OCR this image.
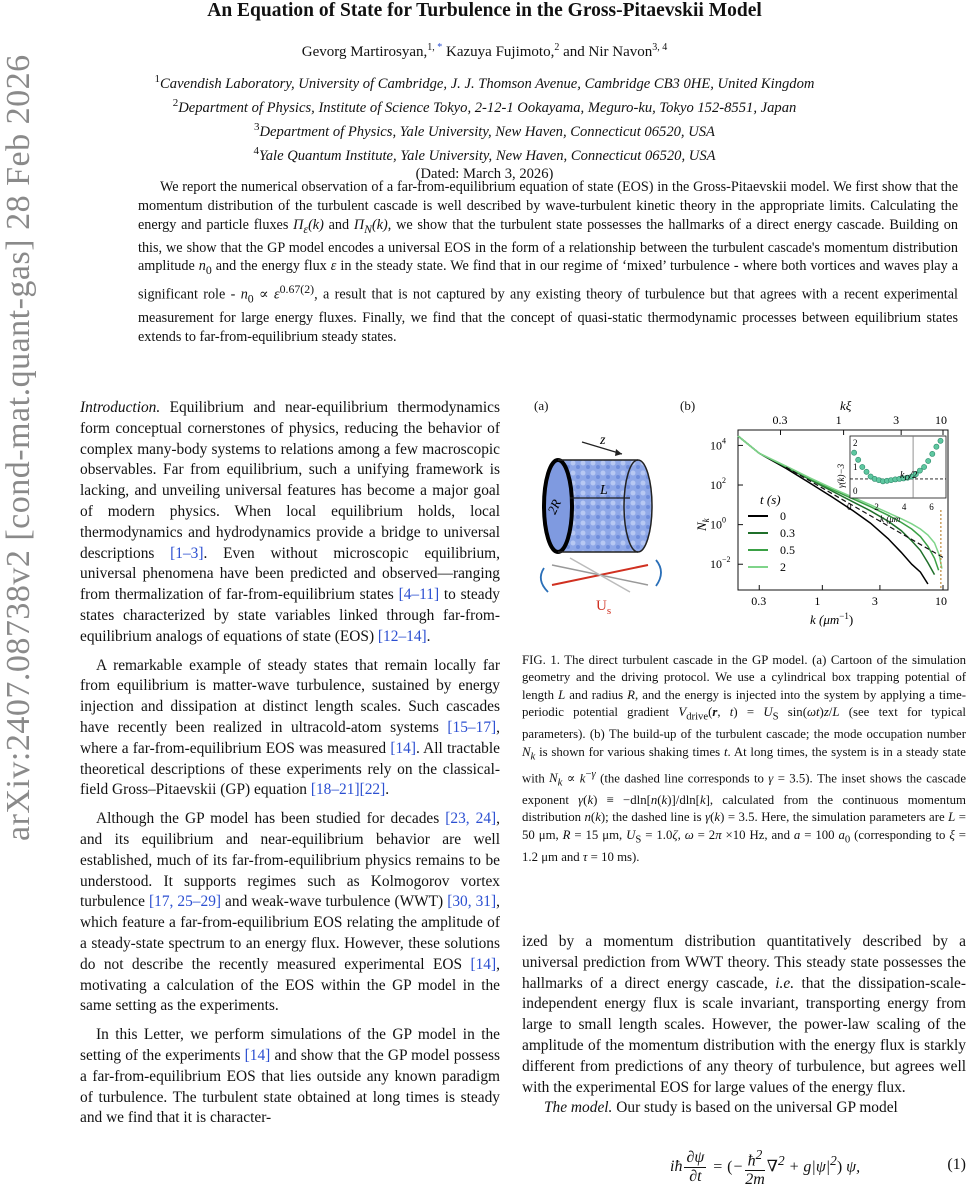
An Equation of State for Turbulence in the Gross-Pitaevskii Model
Gevorg Martirosyan,$^{1,}$ * Kazuya Fujimoto,$^2$ and Nir Navon$^{3, 4}$
$^1$Cavendish Laboratory, University of Cambridge, J. J. Thomson Avenue, Cambridge CB3 0HE, United Kingdom
$^2$Department of Physics, Institute of Science Tokyo, 2-12-1 Ookayama, Meguro-ku, Tokyo 152-8551, Japan
$^3$Department of Physics, Yale University, New Haven, Connecticut 06520, USA
$^4$Yale Quantum Institute, Yale University, New Haven, Connecticut 06520, USA
(Dated: March 3, 2026)
We report the numerical observation of a far-from-equilibrium equation of state (EOS) in the Gross-Pitaevskii model. We first show that the momentum distribution of the turbulent cascade is well described by wave-turbulent kinetic theory in the appropriate limits. Calculating the energy and particle fluxes $\Pi_\varepsilon(k)$ and $\Pi_N(k)$, we show that the turbulent state possesses the hallmarks of a direct energy cascade. Building on this, we show that the GP model encodes a universal EOS in the form of a relationship between the turbulent cascade's momentum distribution amplitude $n_0$ and the energy flux ε in the steady state. We find that in our regime of ‘mixed’ turbulence - where both vortices and waves play a significant role - $n_0 \propto \varepsilon^{0.67(2)}$, a result that is not captured by any existing theory of turbulence but that agrees with a recent experimental measurement for large energy fluxes. Finally, we find that the concept of quasi-static thermodynamic processes between equilibrium states extends to far-from-equilibrium steady states.
arXiv:2407.08738v2 [cond-mat.quant-gas] 28 Feb 2026	Introduction. Equilibrium and near-equilibrium thermodynamics form conceptual cornerstones of physics, reducing the behavior of complex many-body systems to relations among a few macroscopic observables. Far from equilibrium, such a unifying framework is lacking, and unveiling universal features has become a major goal of modern physics. When local equilibrium holds, local thermodynamics and hydrodynamics provide a bridge to universal descriptions [1–3]. Even without microscopic equilibrium, universal phenomena have been predicted and observed—ranging from thermalization of far-from-equilibrium states [4–11] to steady states characterized by state variables linked through far-from-equilibrium analogs of equations of state (EOS) [12–14].

A remarkable example of steady states that remain locally far from equilibrium is matter-wave turbulence, sustained by energy injection and dissipation at distinct length scales. Such cascades have recently been realized in ultracold-atom systems [15–17], where a far-from-equilibrium EOS was measured [14]. All tractable theoretical descriptions of these experiments rely on the classical-field Gross–Pitaevskii (GP) equation [18–21][22].

Although the GP model has been studied for decades [23, 24], and its equilibrium and near-equilibrium behavior are well established, much of its far-from-equilibrium physics remains to be understood. It supports regimes such as Kolmogorov vortex turbulence [17, 25–29] and weak-wave turbulence (WWT) [30, 31], which feature a far-from-equilibrium EOS relating the amplitude of a steady-state spectrum to an energy flux. However, these solutions do not describe the recently measured experimental EOS [14], motivating a calculation of the EOS within the GP model in the same setting as the experiments.

In this Letter, we perform simulations of the GP model in the setting of the experiments [14] and show that the GP model possess a far-from-equilibrium EOS that lies outside any known paradigm of turbulence. The turbulent state obtained at long times is steady and we find that it is character-

(a)	(b)
z
L
2R
$U_s$
kξ
0.3	1	3	10
0.3	1	3	10
$10^4$
$10^2$
$10^0$
$10^{-2}$
$N_k$
k $(\mu m^{-1})$
t (s)
0
0.3
0.5
2
2
1
0
0	2	4	6
γ(k)−3
k (μm
$k_D/2$
FIG. 1. The direct turbulent cascade in the GP model. (a) Cartoon of the simulation geometry and the driving protocol. We use a cylindrical box trapping potential of length L and radius R, and the energy is injected into the system by applying a time-periodic potential gradient $V_{drive}(r$, $t) = U_S$ sin(ωt)z/L (see text for typical parameters). (b) The build-up of the turbulent cascade; the mode occupation number $N_k$ is shown for various shaking times t. At long times, the system is in a steady state with $N_k \propto k^{-\gamma}$ (the dashed line corresponds to γ = 3.5). The inset shows the cascade exponent γ(k) ≡ −dln[n(k)]/dln[k], calculated from the continuous momentum distribution n(k); the dashed line is γ(k) = 3.5. Here, the simulation parameters are L = 50 μm, R = 15 μm, $U_S = 1.0\zeta$, ω = 2π ×10 Hz, and a = 100 $a_0$ (corresponding to ξ = 1.2 μm and τ = 10 ms).

ized by a momentum distribution quantitatively described by a universal prediction from WWT theory. This steady state possesses the hallmarks of a direct energy cascade, i.e. that the dissipation-scale-independent energy flux is scale invariant, transporting energy from large to small length scales. However, the power-law scaling of the amplitude of the momentum distribution with the energy flux is starkly different from predictions of any theory of turbulence, but agrees well with the experimental EOS for large values of the energy flux.

The model. Our study is based on the universal GP model

iħ $\frac{\partial\psi}{\partial t}$ = (− $\frac{ħ^2}{2m} \nabla^2 + g|\psi|^2$) ψ,	(1)
